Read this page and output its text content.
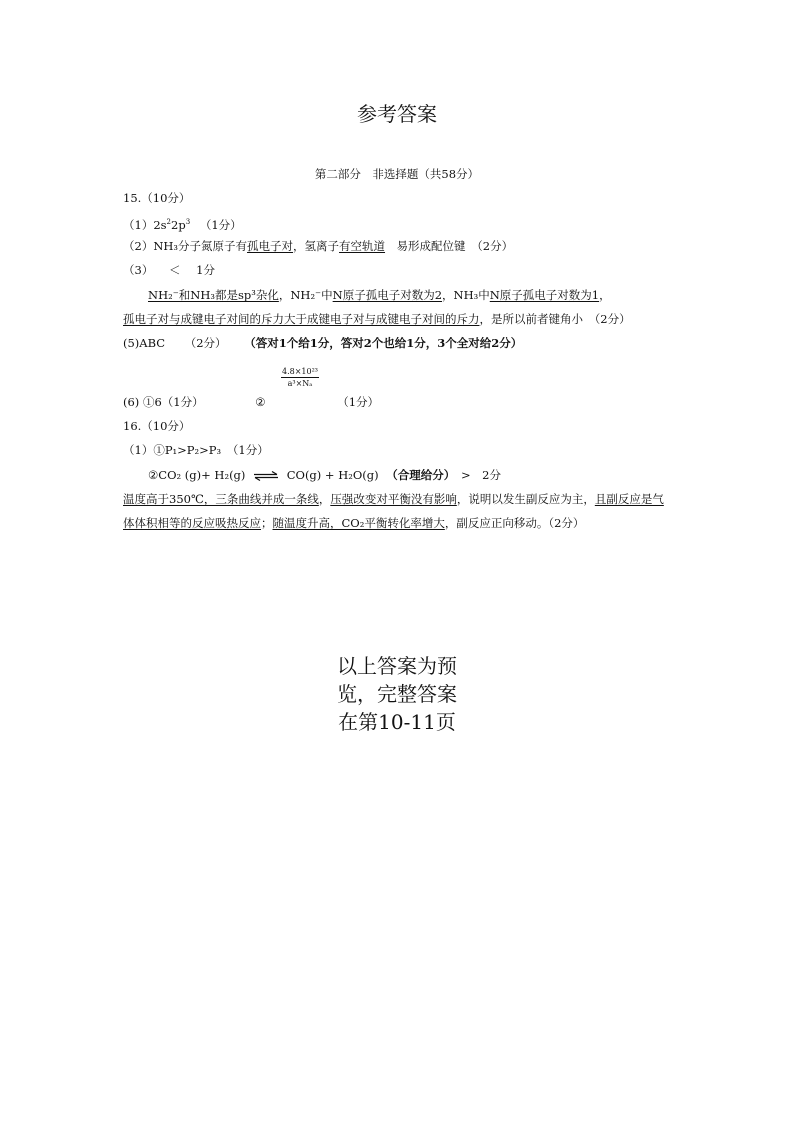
参考答案
第二部分　非选择题（共58分）
15.（10分）
$(1)2s^22p^3$ （1分）
（2）NH₃分子氮原子有孤电子对，氢离子有空轨道　易形成配位键　（2分）
（3） ＜ 1分
NH₂⁻和NH₃都是sp³杂化，NH₂⁻中N原子孤电子对数为2，NH₃中N原子孤电子对数为1，
孤电子对与成键电子对间的斥力大于成键电子对与成键电子对间的斥力，是所以前者键角小　（2分）
(5)ABC （2分） （答对1个给1分，答对2个也给1分，3个全对给2分）
$\frac{\text{4.8×10²³}}{\text{a³×Nₐ}}$
(6) ①6（1分）	②	（1分）
16.（10分）
（1）①P₁>P₂>P₃　（1分）
②CO₂ (g)+ H₂(g) ⇌ CO(g) + H₂O(g) （合理给分）　>　2分
温度高于350℃，三条曲线并成一条线，压强改变对平衡没有影响，说明以发生副反应为主，且副反应是气
体体积相等的反应吸热反应；随温度升高，CO₂平衡转化率增大，副反应正向移动。（2分）
以上答案为预
览，完整答案
在第10-11页
